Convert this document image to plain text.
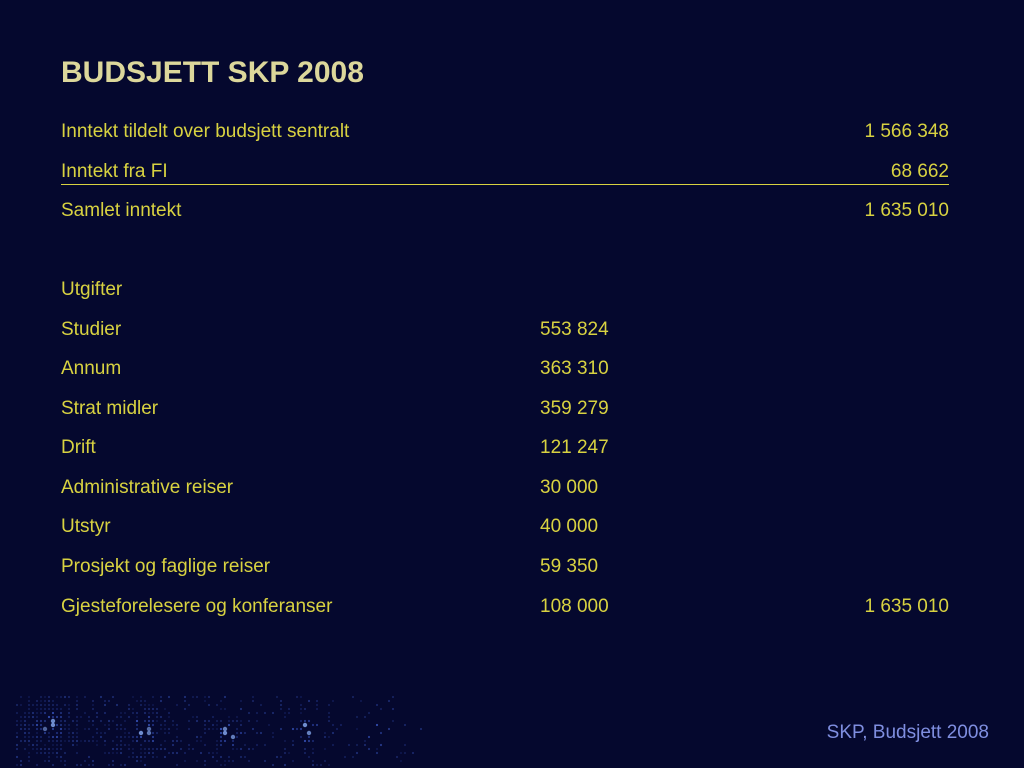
BUDSJETT SKP 2008
Inntekt tildelt over budsjett sentralt	1 566 348
Inntekt fra FI	68 662
Samlet inntekt	1 635 010
Utgifter
Studier	553 824
Annum	363 310
Strat midler	359 279
Drift	121 247
Administrative reiser	30 000
Utstyr	40 000
Prosjekt og faglige reiser	59 350
Gjesteforelesere og konferanser	108 000	1 635 010
SKP, Budsjett 2008
